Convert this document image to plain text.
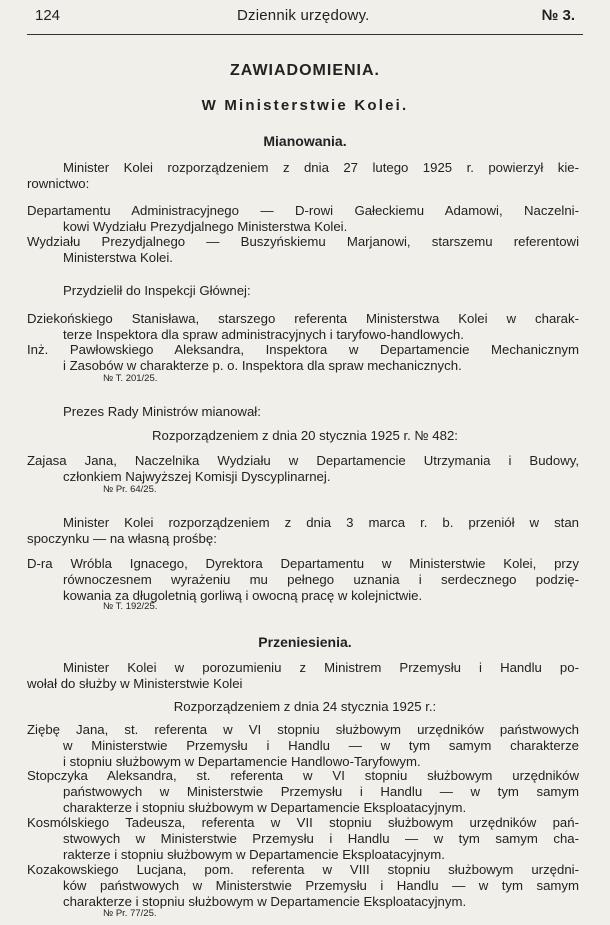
124	Dziennik urzędowy.	№ 3.
ZAWIADOMIENIA.
W Ministerstwie Kolei.
Mianowania.
Minister Kolei rozporządzeniem z dnia 27 lutego 1925 r. powierzył kie-
rownictwo:
Departamentu Administracyjnego — D-rowi Gałeckiemu Adamowi, Naczelni-
kowi Wydziału Prezydjalnego Ministerstwa Kolei.
Wydziału Prezydjalnego — Buszyńskiemu Marjanowi, starszemu referentowi
Ministerstwa Kolei.
Przydzielił do Inspekcji Głównej:
Dziekońskiego Stanisława, starszego referenta Ministerstwa Kolei w charak-
terze Inspektora dla spraw administracyjnych i taryfowo-handlowych.
Inż. Pawłowskiego Aleksandra, Inspektora w Departamencie Mechanicznym
i Zasobów w charakterze p. o. Inspektora dla spraw mechanicznych.
№ T. 201/25.
Prezes Rady Ministrów mianował:
Rozporządzeniem z dnia 20 stycznia 1925 r. № 482:
Zajasa Jana, Naczelnika Wydziału w Departamencie Utrzymania i Budowy,
członkiem Najwyższej Komisji Dyscyplinarnej.
№ Pr. 64/25.
Minister Kolei rozporządzeniem z dnia 3 marca r. b. przeniół w stan
spoczynku — na własną prośbę:
D-ra Wróbla Ignacego, Dyrektora Departamentu w Ministerstwie Kolei, przy
równoczesnem wyrażeniu mu pełnego uznania i serdecznego podzię-
kowania za długoletnią gorliwą i owocną pracę w kolejnictwie.
№ T. 192/25.
Przeniesienia.
Minister Kolei w porozumieniu z Ministrem Przemysłu i Handlu po-
wołał do służby w Ministerstwie Kolei
Rozporządzeniem z dnia 24 stycznia 1925 r.:
Ziębę Jana, st. referenta w VI stopniu służbowym urzędników państwowych
w Ministerstwie Przemysłu i Handlu — w tym samym charakterze
i stopniu służbowym w Departamencie Handlowo-Taryfowym.
Stopczyka Aleksandra, st. referenta w VI stopniu służbowym urzędników
państwowych w Ministerstwie Przemysłu i Handlu — w tym samym
charakterze i stopniu służbowym w Departamencie Eksploatacyjnym.
Kosmólskiego Tadeusza, referenta w VII stopniu służbowym urzędników pań-
stwowych w Ministerstwie Przemysłu i Handlu — w tym samym cha-
rakterze i stopniu służbowym w Departamencie Eksploatacyjnym.
Kozakowskiego Lucjana, pom. referenta w VIII stopniu służbowym urzędni-
ków państwowych w Ministerstwie Przemysłu i Handlu — w tym samym
charakterze i stopniu służbowym w Departamencie Eksploatacyjnym.
№ Pr. 77/25.
